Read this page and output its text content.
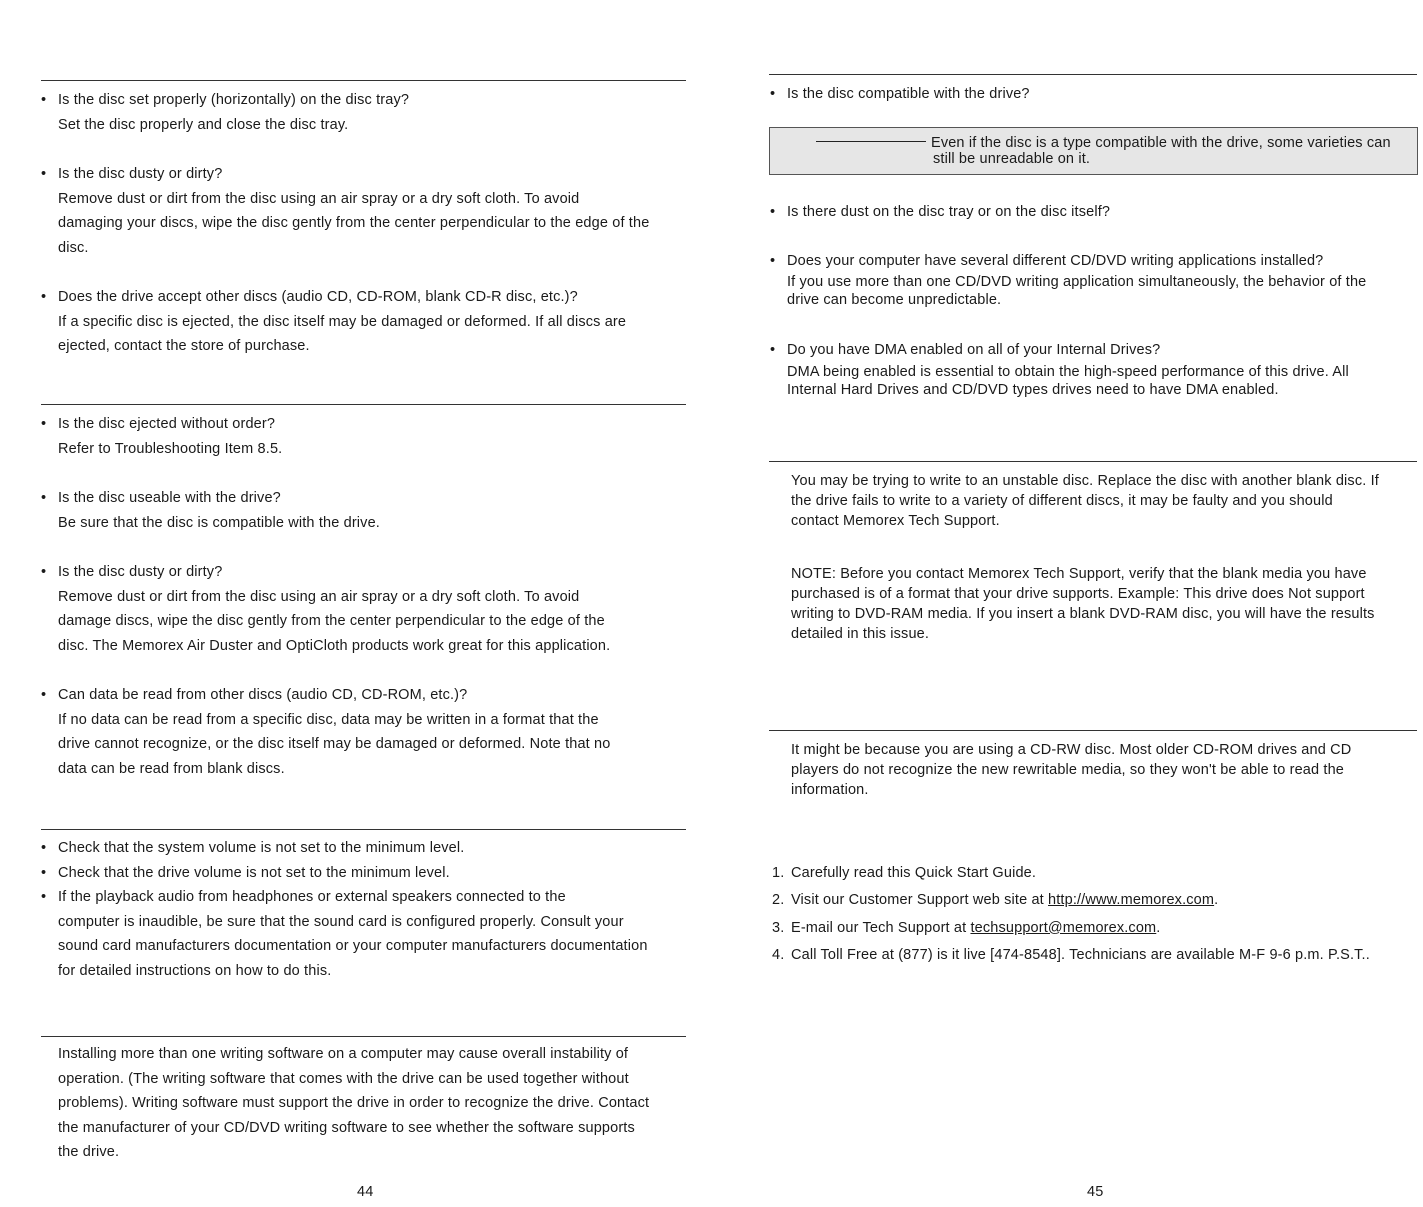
• Is the disc set properly (horizontally) on the disc tray?

Set the disc properly and close the disc tray.

• Is the disc dusty or dirty?

Remove dust or dirt from the disc using an air spray or a dry soft cloth. To avoid

damaging your discs, wipe the disc gently from the center perpendicular to the edge of the

disc.

• Does the drive accept other discs (audio CD, CD-ROM, blank CD-R disc, etc.)?

If a specific disc is ejected, the disc itself may be damaged or deformed. If all discs are

ejected, contact the store of purchase.

• Is the disc ejected without order?

Refer to Troubleshooting Item 8.5.

• Is the disc useable with the drive?

Be sure that the disc is compatible with the drive.

• Is the disc dusty or dirty?

Remove dust or dirt from the disc using an air spray or a dry soft cloth. To avoid

damage discs, wipe the disc gently from the center perpendicular to the edge of the

disc. The Memorex Air Duster and OptiCloth products work great for this application.

• Can data be read from other discs (audio CD, CD-ROM, etc.)?

If no data can be read from a specific disc, data may be written in a format that the

drive cannot recognize, or the disc itself may be damaged or deformed. Note that no

data can be read from blank discs.

• Check that the system volume is not set to the minimum level.

• Check that the drive volume is not set to the minimum level.

• If the playback audio from headphones or external speakers connected to the

computer is inaudible, be sure that the sound card is configured properly. Consult your

sound card manufacturers documentation or your computer manufacturers documentation

for detailed instructions on how to do this.

Installing more than one writing software on a computer may cause overall instability of

operation. (The writing software that comes with the drive can be used together without

problems). Writing software must support the drive in order to recognize the drive. Contact

the manufacturer of your CD/DVD writing software to see whether the software supports

the drive.

44
• Is the disc compatible with the drive?

Even if the disc is a type compatible with the drive, some varieties can
still be unreadable on it.
• Is there dust on the disc tray or on the disc itself?

• Does your computer have several different CD/DVD writing applications installed?

If you use more than one CD/DVD writing application simultaneously, the behavior of the

drive can become unpredictable.

• Do you have DMA enabled on all of your Internal Drives?

DMA being enabled is essential to obtain the high-speed performance of this drive. All

Internal Hard Drives and CD/DVD types drives need to have DMA enabled.

You may be trying to write to an unstable disc. Replace the disc with another blank disc. If

the drive fails to write to a variety of different discs, it may be faulty and you should

contact Memorex Tech Support.

NOTE: Before you contact Memorex Tech Support, verify that the blank media you have

purchased is of a format that your drive supports. Example: This drive does Not support

writing to DVD-RAM media. If you insert a blank DVD-RAM disc, you will have the results

detailed in this issue.

It might be because you are using a CD-RW disc. Most older CD-ROM drives and CD

players do not recognize the new rewritable media, so they won't be able to read the

information.

1. Carefully read this Quick Start Guide.
2. Visit our Customer Support web site at http://www.memorex.com.
3. E-mail our Tech Support at techsupport@memorex.com.
4. Call Toll Free at (877) is it live [474-8548]. Technicians are available M-F 9-6 p.m. P.S.T..
45
